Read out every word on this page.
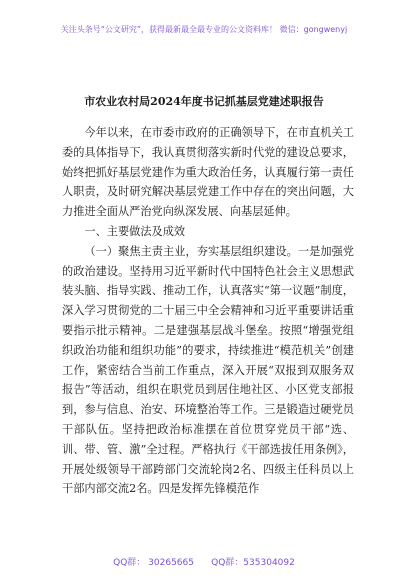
关注头条号“公文研究”，获得最新最全最专业的公文资料库！ 微信：gongwenyj
市农业农村局2024年度书记抓基层党建述职报告

今年以来，在市委市政府的正确领导下，在市直机关工委的具体指导下，我认真贯彻落实新时代党的建设总要求，始终把抓好基层党建作为重大政治任务，认真履行第一责任人职责，及时研究解决基层党建工作中存在的突出问题，大力推进全面从严治党向纵深发展、向基层延伸。

一、主要做法及成效

（一）聚焦主责主业，夯实基层组织建设。一是加强党的政治建设。坚持用习近平新时代中国特色社会主义思想武装头脑、指导实践、推动工作，认真落实“第一议题”制度，深入学习贯彻党的二十届三中全会精神和习近平重要讲话重要指示批示精神。二是建强基层战斗堡垒。按照“增强党组织政治功能和组织功能”的要求，持续推进“模范机关”创建工作，紧密结合当前工作重点，深入开展“双报到双服务双报告”等活动，组织在职党员到居住地社区、小区党支部报到，参与信息、治安、环境整治等工作。三是锻造过硬党员干部队伍。坚持把政治标准摆在首位贯穿党员干部“选、训、带、管、激”全过程。严格执行《干部选拔任用条例》，开展处级领导干部跨部门交流轮岗2名、四级主任科员以上干部内部交流2名。四是发挥先锋模范作

QQ群： 30265665      QQ群：535304092
